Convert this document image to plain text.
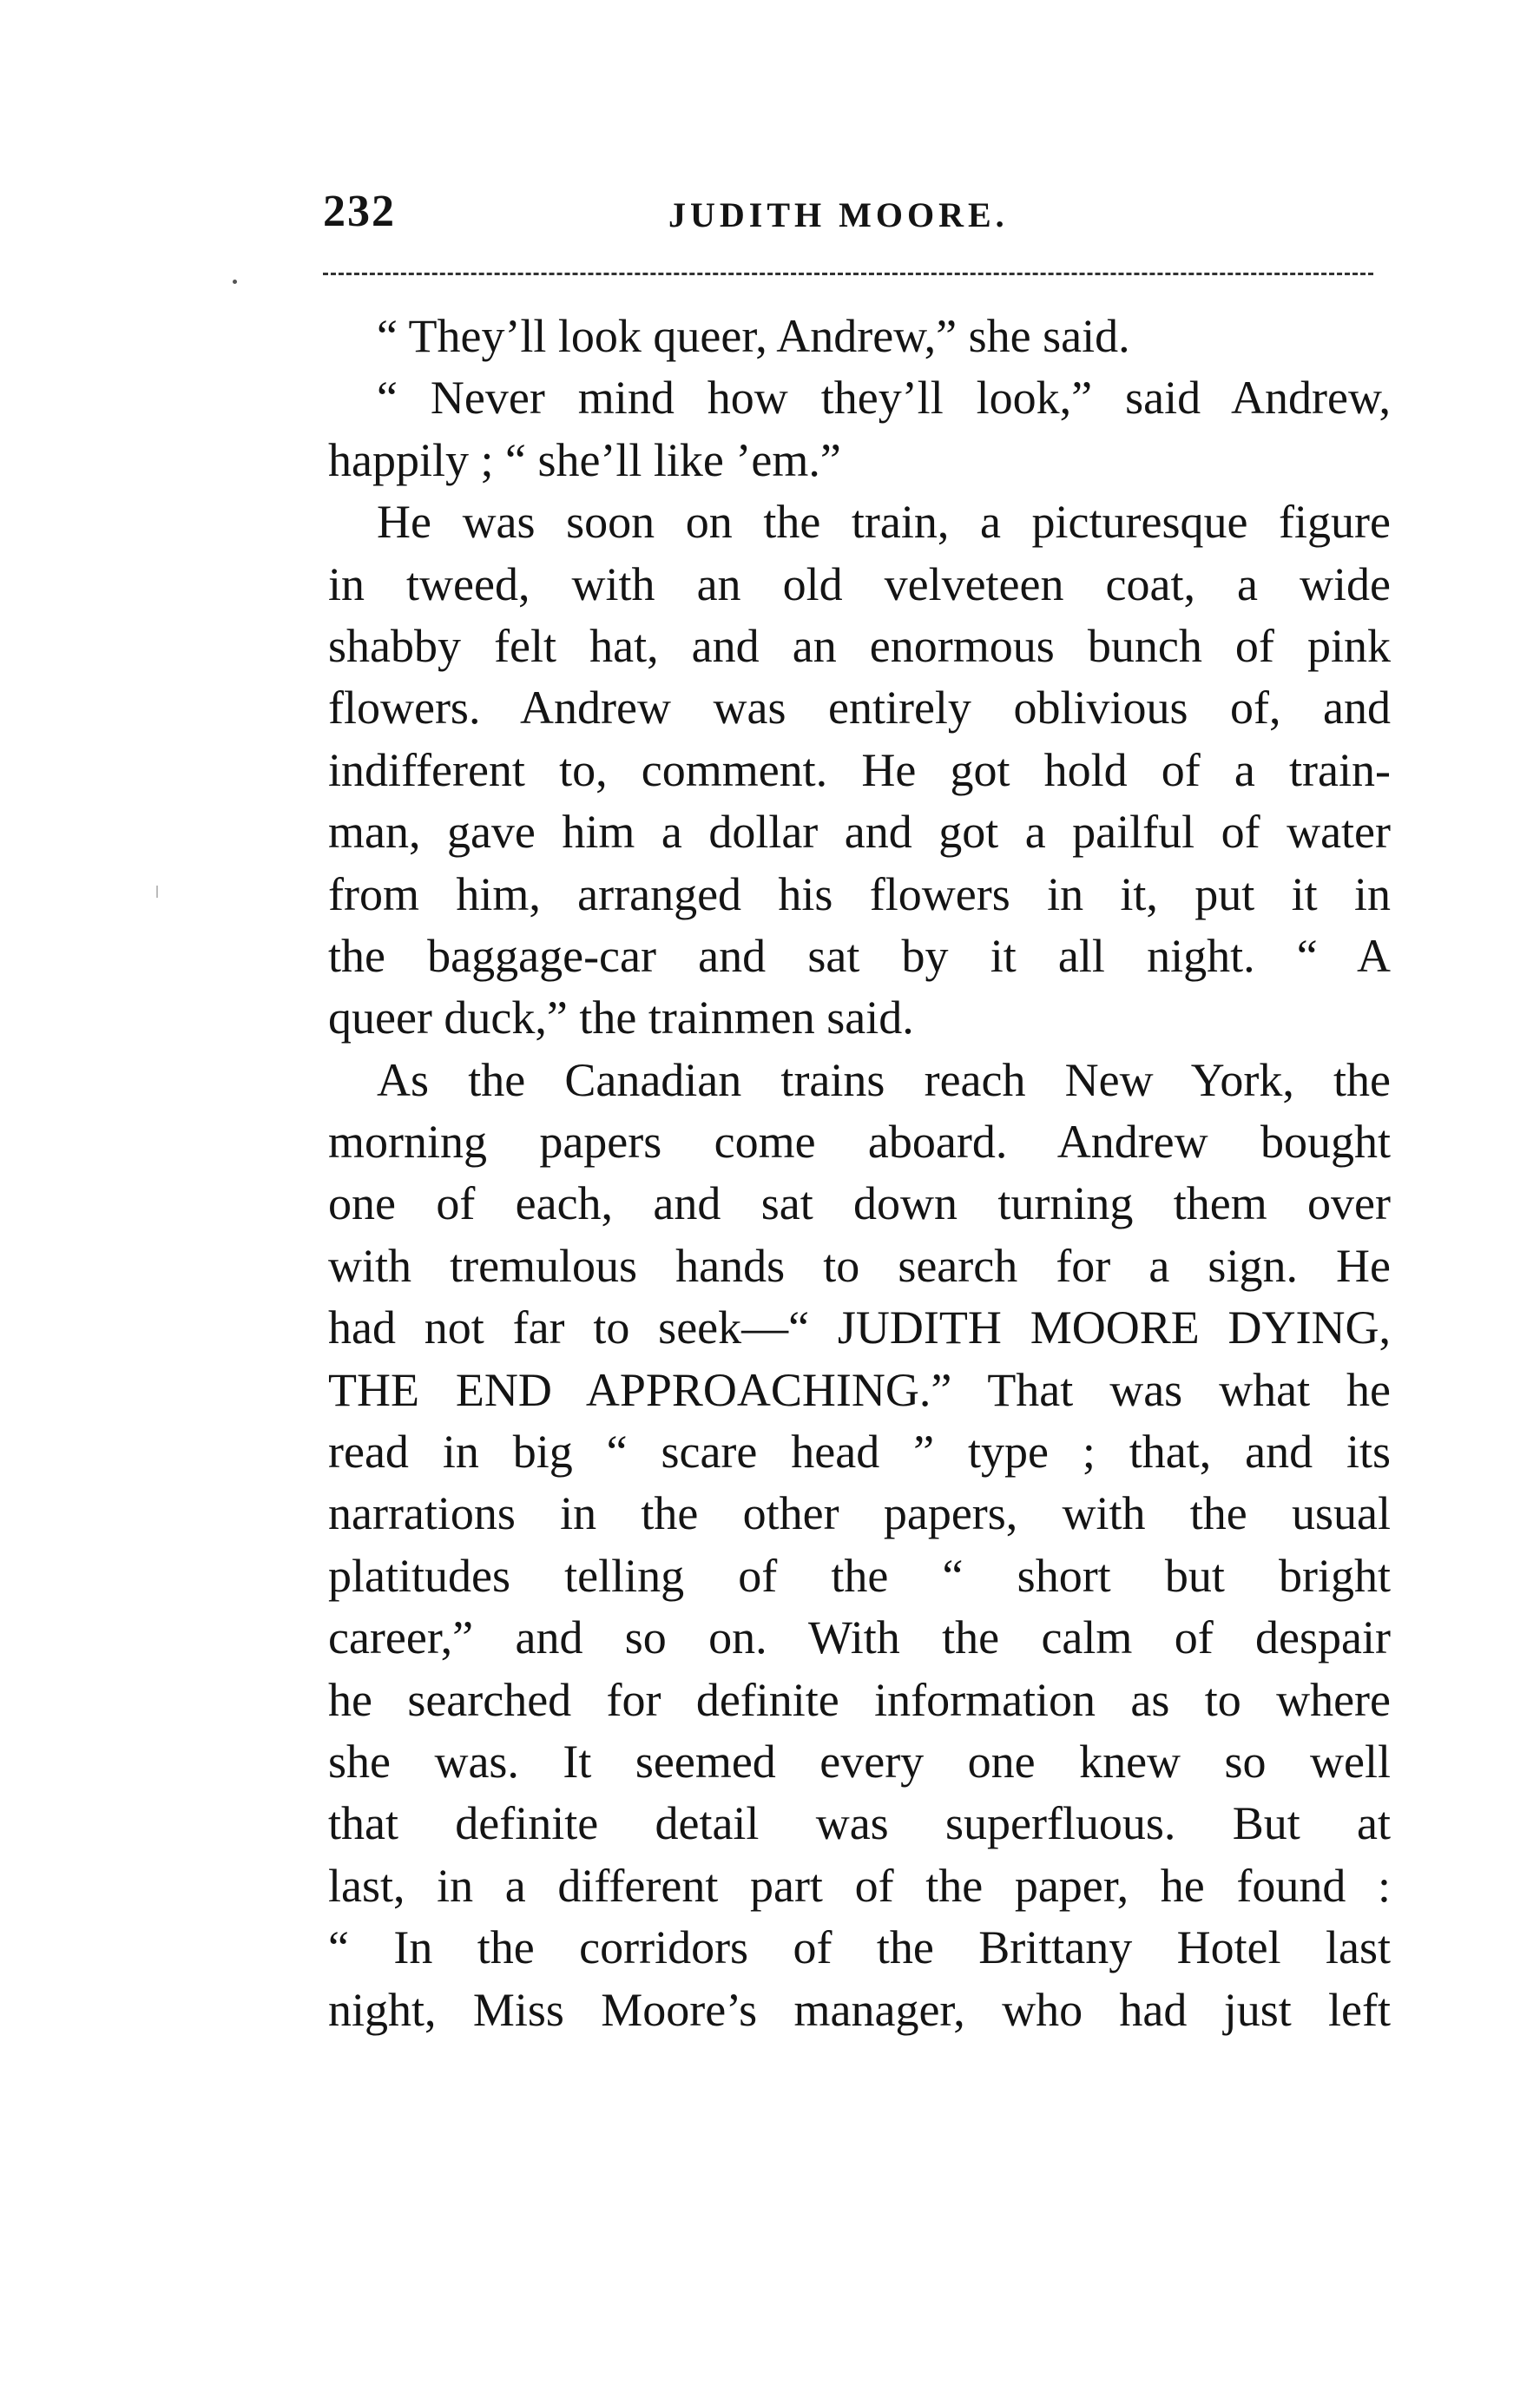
232	JUDITH MOORE.
“ They’ll look queer, Andrew,” she said.
“ Never mind how they’ll look,” said Andrew,
happily ; “ she’ll like ’em.”
He was soon on the train, a picturesque figure
in tweed, with an old velveteen coat, a wide
shabby felt hat, and an enormous bunch of pink
flowers. Andrew was entirely oblivious of, and
indifferent to, comment. He got hold of a train-
man, gave him a dollar and got a pailful of water
from him, arranged his flowers in it, put it in
the baggage-car and sat by it all night. “ A
queer duck,” the trainmen said.
As the Canadian trains reach New York, the
morning papers come aboard. Andrew bought
one of each, and sat down turning them over
with tremulous hands to search for a sign. He
had not far to seek—“ JUDITH MOORE DYING,
THE END APPROACHING.” That was what he
read in big “ scare head ” type ; that, and its
narrations in the other papers, with the usual
platitudes telling of the “ short but bright
career,” and so on. With the calm of despair
he searched for definite information as to where
she was. It seemed every one knew so well
that definite detail was superfluous. But at
last, in a different part of the paper, he found :
“ In the corridors of the Brittany Hotel last
night, Miss Moore’s manager, who had just left
